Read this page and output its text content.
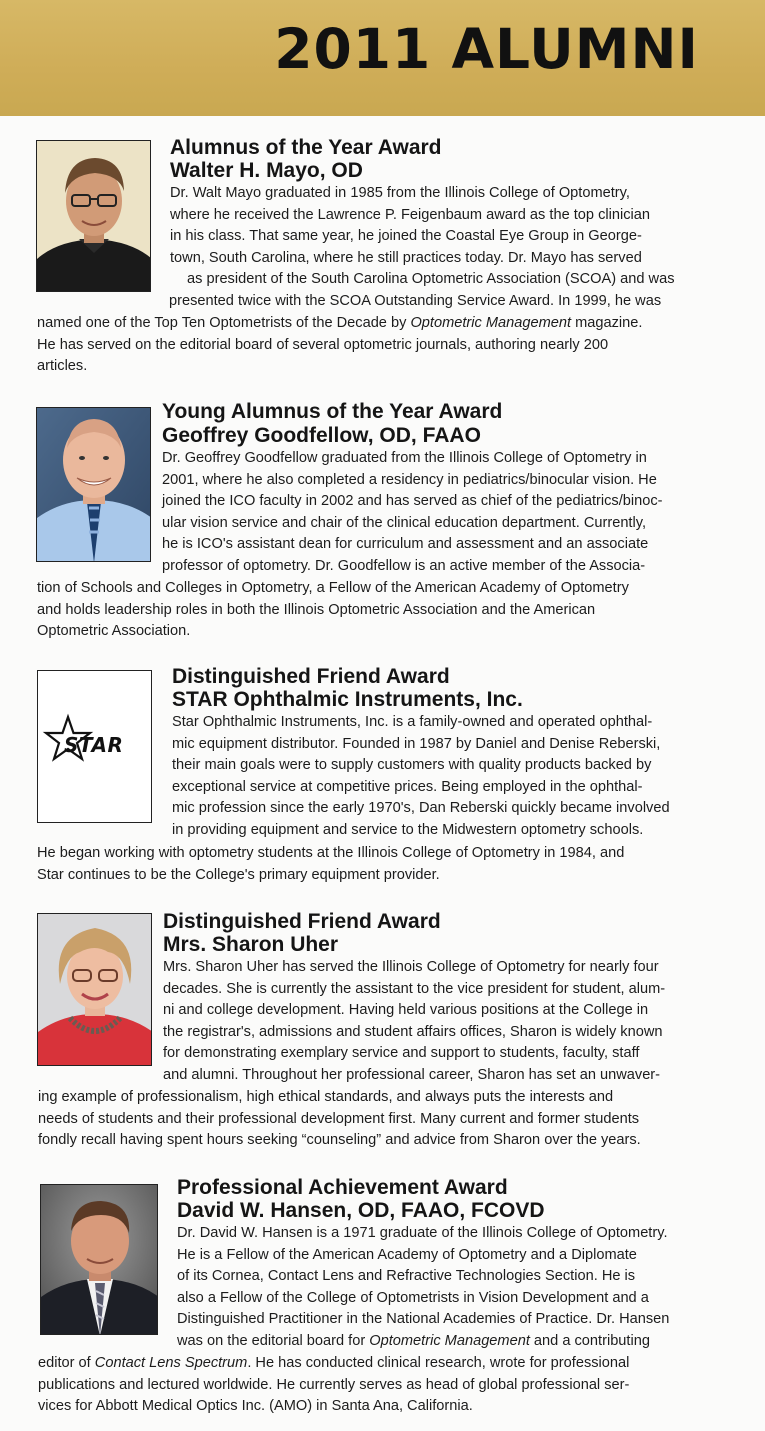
2011 ALUMNI
Alumnus of the Year Award
Walter H. Mayo, OD
Dr. Walt Mayo graduated in 1985 from the Illinois College of Optometry,
where he received the Lawrence P. Feigenbaum award as the top clinician
in his class. That same year, he joined the Coastal Eye Group in George-
town, South Carolina, where he still practices today. Dr. Mayo has served
as president of the South Carolina Optometric Association (SCOA) and was
presented twice with the SCOA Outstanding Service Award. In 1999, he was
named one of the Top Ten Optometrists of the Decade by Optometric Management magazine.
He has served on the editorial board of several optometric journals, authoring nearly 200
articles.
Young Alumnus of the Year Award
Geoffrey Goodfellow, OD, FAAO
Dr. Geoffrey Goodfellow graduated from the Illinois College of Optometry in
2001, where he also completed a residency in pediatrics/binocular vision. He
joined the ICO faculty in 2002 and has served as chief of the pediatrics/binoc-
ular vision service and chair of the clinical education department. Currently,
he is ICO's assistant dean for curriculum and assessment and an associate
professor of optometry. Dr. Goodfellow is an active member of the Associa-
tion of Schools and Colleges in Optometry, a Fellow of the American Academy of Optometry
and holds leadership roles in both the Illinois Optometric Association and the American
Optometric Association.
STAR
Distinguished Friend Award
STAR Ophthalmic Instruments, Inc.
Star Ophthalmic Instruments, Inc. is a family-owned and operated ophthal-
mic equipment distributor. Founded in 1987 by Daniel and Denise Reberski,
their main goals were to supply customers with quality products backed by
exceptional service at competitive prices. Being employed in the ophthal-
mic profession since the early 1970's, Dan Reberski quickly became involved
in providing equipment and service to the Midwestern optometry schools.
He began working with optometry students at the Illinois College of Optometry in 1984, and
Star continues to be the College's primary equipment provider.
Distinguished Friend Award
Mrs. Sharon Uher
Mrs. Sharon Uher has served the Illinois College of Optometry for nearly four
decades. She is currently the assistant to the vice president for student, alum-
ni and college development. Having held various positions at the College in
the registrar's, admissions and student affairs offices, Sharon is widely known
for demonstrating exemplary service and support to students, faculty, staff
and alumni. Throughout her professional career, Sharon has set an unwaver-
ing example of professionalism, high ethical standards, and always puts the interests and
needs of students and their professional development first. Many current and former students
fondly recall having spent hours seeking “counseling” and advice from Sharon over the years.
Professional Achievement Award
David W. Hansen, OD, FAAO, FCOVD
Dr. David W. Hansen is a 1971 graduate of the Illinois College of Optometry.
He is a Fellow of the American Academy of Optometry and a Diplomate
of its Cornea, Contact Lens and Refractive Technologies Section. He is
also a Fellow of the College of Optometrists in Vision Development and a
Distinguished Practitioner in the National Academies of Practice. Dr. Hansen
was on the editorial board for Optometric Management and a contributing
editor of Contact Lens Spectrum. He has conducted clinical research, wrote for professional
publications and lectured worldwide. He currently serves as head of global professional ser-
vices for Abbott Medical Optics Inc. (AMO) in Santa Ana, California.
